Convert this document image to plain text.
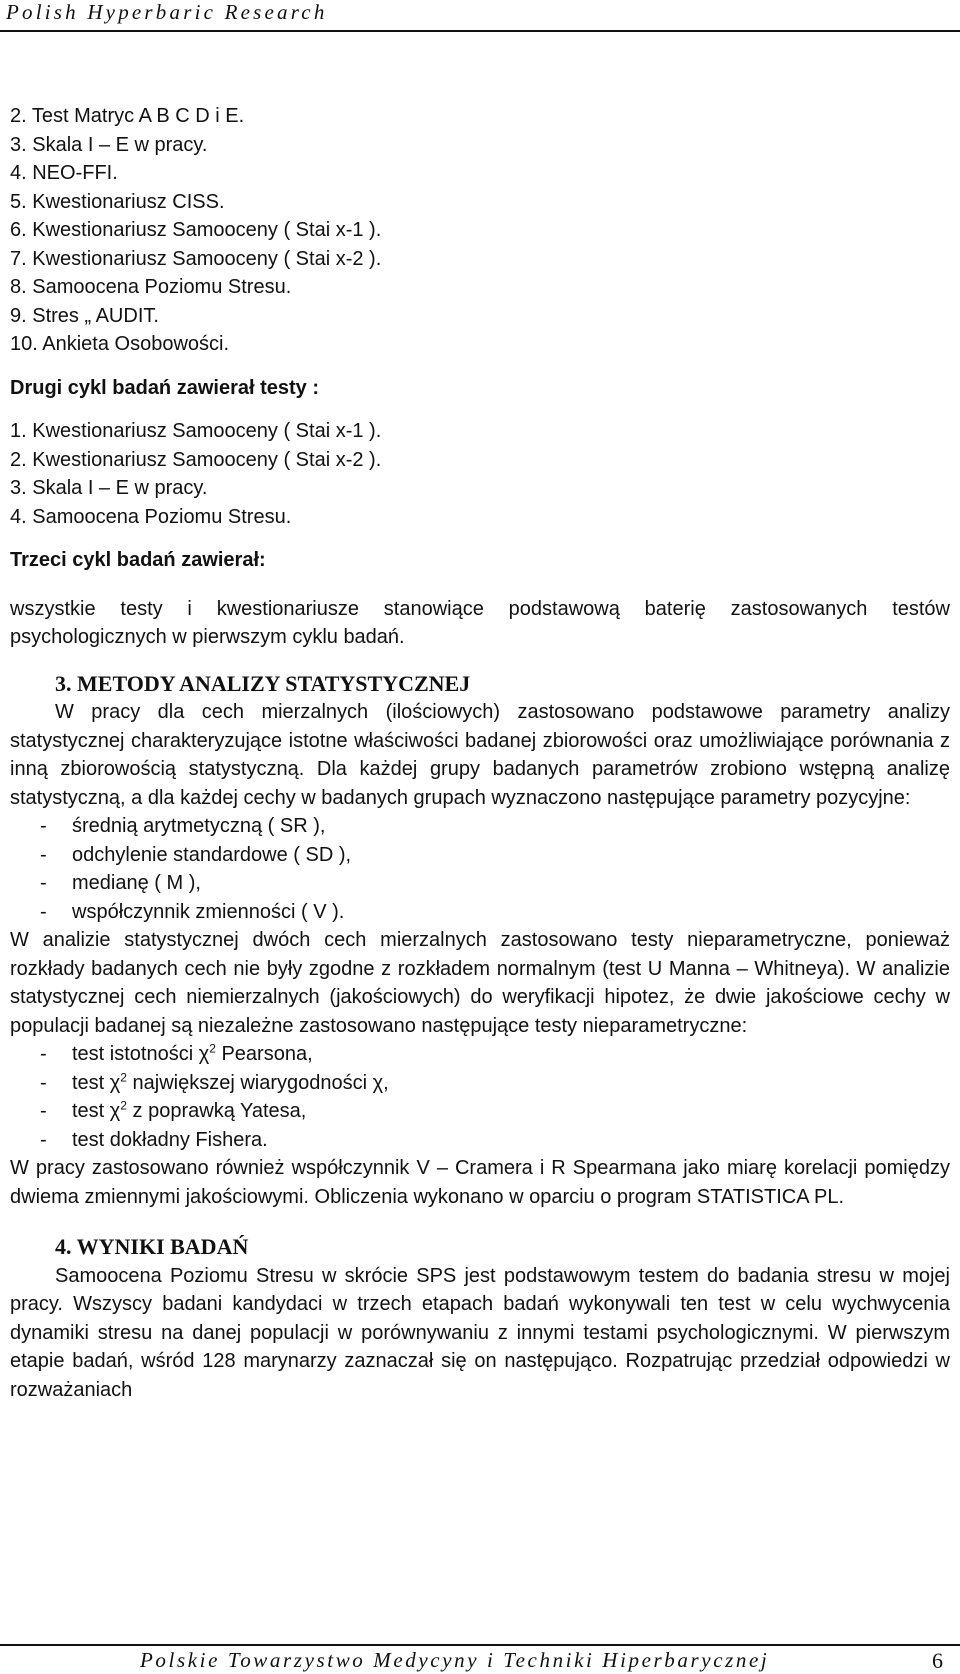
Polish Hyperbaric Research
2. Test Matryc A B C D i E.
3. Skala I – E w pracy.
4. NEO-FFI.
5. Kwestionariusz CISS.
6. Kwestionariusz Samooceny ( Stai x-1 ).
7. Kwestionariusz Samooceny ( Stai x-2 ).
8. Samoocena Poziomu Stresu.
9. Stres „ AUDIT.
10. Ankieta Osobowości.
Drugi cykl badań zawierał testy :
1. Kwestionariusz Samooceny ( Stai x-1 ).
2. Kwestionariusz Samooceny ( Stai x-2 ).
3. Skala I – E w pracy.
4. Samoocena Poziomu Stresu.
Trzeci cykl badań zawierał:

wszystkie testy i kwestionariusze stanowiące podstawową baterię zastosowanych testów psychologicznych w pierwszym cyklu badań.

3. METODY ANALIZY STATYSTYCZNEJ

W pracy dla cech mierzalnych (ilościowych) zastosowano podstawowe parametry analizy statystycznej charakteryzujące istotne właściwości badanej zbiorowości oraz umożliwiające porównania z inną zbiorowością statystyczną. Dla każdej grupy badanych parametrów zrobiono wstępną analizę statystyczną, a dla każdej cechy w badanych grupach wyznaczono następujące parametry pozycyjne:

- średnią arytmetyczną ( SR ),
- odchylenie standardowe ( SD ),
- medianę ( M ),
- współczynnik zmienności ( V ).

W analizie statystycznej dwóch cech mierzalnych zastosowano testy nieparametryczne, ponieważ rozkłady badanych cech nie były zgodne z rozkładem normalnym (test U Manna – Whitneya). W analizie statystycznej cech niemierzalnych (jakościowych) do weryfikacji hipotez, że dwie jakościowe cechy w populacji badanej są niezależne zastosowano następujące testy nieparametryczne:

- test istotności $\chi^2$ Pearsona,
- test $\chi^2$ największej wiarygodności χ,
- test $\chi^2$ z poprawką Yatesa,
- test dokładny Fishera.

W pracy zastosowano również współczynnik V – Cramera i R Spearmana jako miarę korelacji pomiędzy dwiema zmiennymi jakościowymi. Obliczenia wykonano w oparciu o program STATISTICA PL.

4. WYNIKI BADAŃ

Samoocena Poziomu Stresu w skrócie SPS jest podstawowym testem do badania stresu w mojej pracy. Wszyscy badani kandydaci w trzech etapach badań wykonywali ten test w celu wychwycenia dynamiki stresu na danej populacji w porównywaniu z innymi testami psychologicznymi. W pierwszym etapie badań, wśród 128 marynarzy zaznaczał się on następująco. Rozpatrując przedział odpowiedzi w rozważaniach

Polskie Towarzystwo Medycyny i Techniki Hiperbarycznej	6
